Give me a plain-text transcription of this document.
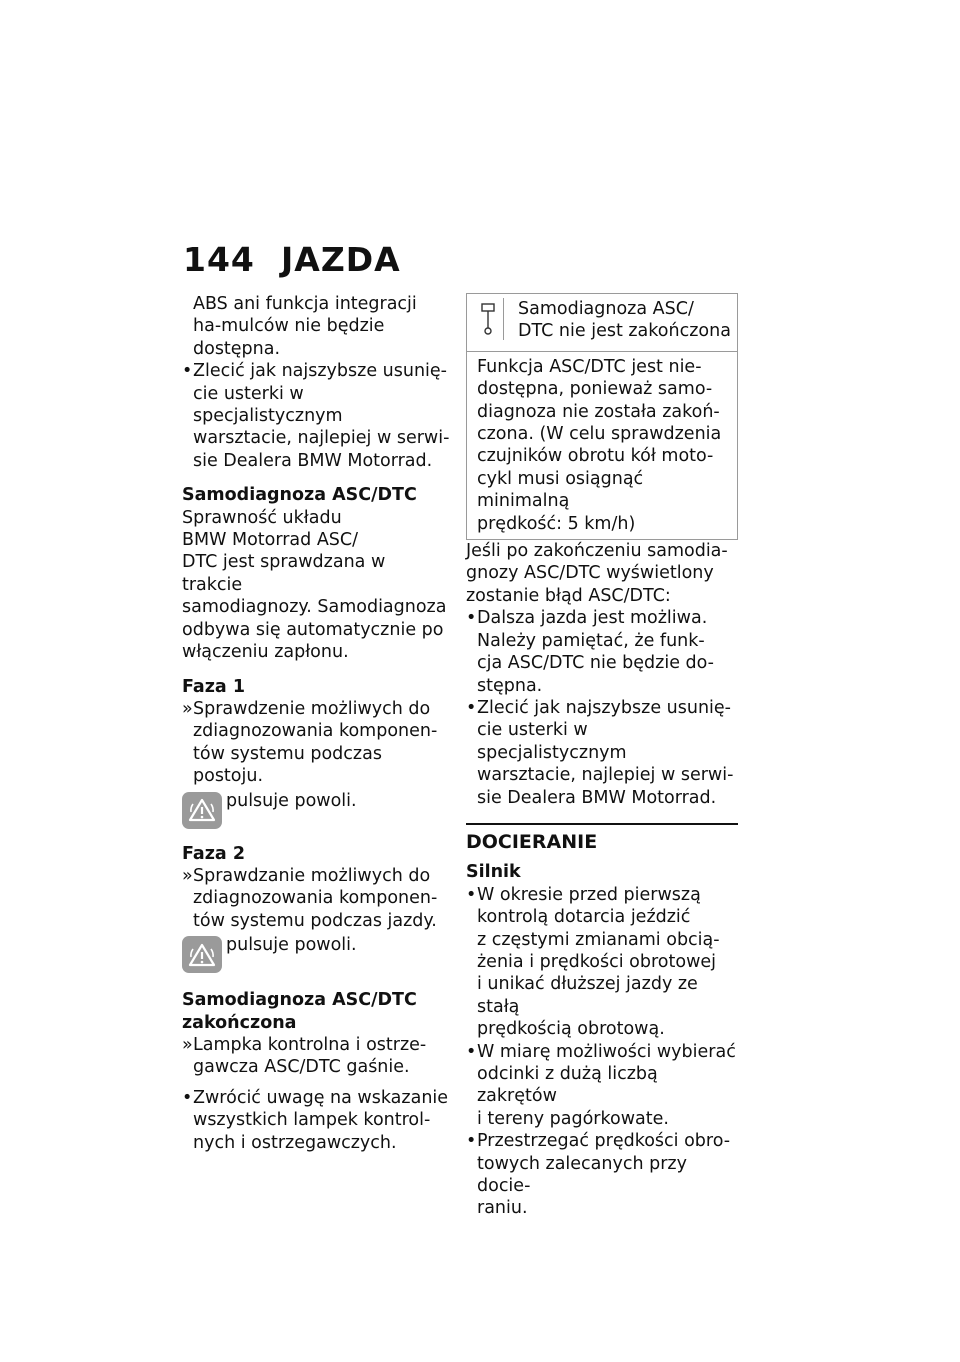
144 JAZDA

ABS ani funkcja integracji ha-mulców nie będzie dostępna.

• Zlecić jak najszybsze usunię-
cie usterki w specjalistycznym
warsztacie, najlepiej w serwi-
sie Dealera BMW Motorrad.

Samodiagnoza ASC/DTC

Sprawność układu
BMW Motorrad ASC/
DTC jest sprawdzana w trakcie
samodiagnozy. Samodiagnoza
odbywa się automatycznie po
włączeniu zapłonu.

Faza 1

» Sprawdzenie możliwych do
zdiagnozowania komponen-
tów systemu podczas postoju.
pulsuje powoli.

Faza 2

» Sprawdzanie możliwych do
zdiagnozowania komponen-
tów systemu podczas jazdy.
pulsuje powoli.
Samodiagnoza ASC/DTC
zakończona
» Lampka kontrolna i ostrze-
gawcza ASC/DTC gaśnie.
• Zwrócić uwagę na wskazanie
wszystkich lampek kontrol-
nych i ostrzegawczych.
Samodiagnoza ASC/
DTC nie jest zakończona
Funkcja ASC/DTC jest nie-
dostępna, ponieważ samo-
diagnoza nie została zakoń-
czona. (W celu sprawdzenia
czujników obrotu kół moto-
cykl musi osiągnąć minimalną
prędkość: 5 km/h)
Jeśli po zakończeniu samodia-
gnozy ASC/DTC wyświetlony
zostanie błąd ASC/DTC:
• Dalsza jazda jest możliwa.
Należy pamiętać, że funk-
cja ASC/DTC nie będzie do-
stępna.
• Zlecić jak najszybsze usunię-
cie usterki w specjalistycznym
warsztacie, najlepiej w serwi-
sie Dealera BMW Motorrad.

DOCIERANIE

Silnik

• W okresie przed pierwszą
kontrolą dotarcia jeździć
z częstymi zmianami obcią-
żenia i prędkości obrotowej
i unikać dłuższej jazdy ze stałą
prędkością obrotową.
• W miarę możliwości wybierać
odcinki z dużą liczbą zakrętów
i tereny pagórkowate.
• Przestrzegać prędkości obro-
towych zalecanych przy docie-
raniu.
